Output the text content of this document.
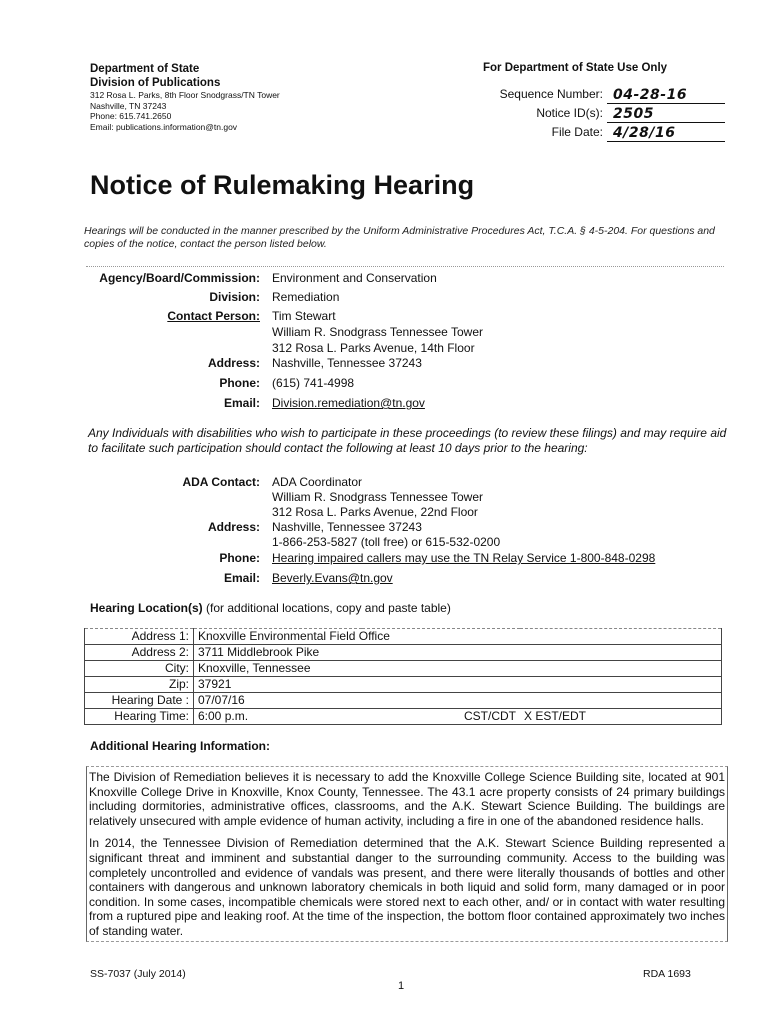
Department of State
Division of Publications
312 Rosa L. Parks, 8th Floor Snodgrass/TN Tower
Nashville, TN 37243
Phone: 615.741.2650
Email: publications.information@tn.gov
For Department of State Use Only
Sequence Number: 04-28-16
Notice ID(s): 2505
File Date: 4/28/16
Notice of Rulemaking Hearing
Hearings will be conducted in the manner prescribed by the Uniform Administrative Procedures Act, T.C.A. § 4-5-204. For questions and copies of the notice, contact the person listed below.
Agency/Board/Commission: Environment and Conservation
Division: Remediation
Contact Person: Tim Stewart
William R. Snodgrass Tennessee Tower
312 Rosa L. Parks Avenue, 14th Floor
Address: Nashville, Tennessee 37243
Phone: (615) 741-4998
Email: Division.remediation@tn.gov
Any Individuals with disabilities who wish to participate in these proceedings (to review these filings) and may require aid to facilitate such participation should contact the following at least 10 days prior to the hearing:
ADA Contact: ADA Coordinator
William R. Snodgrass Tennessee Tower
312 Rosa L. Parks Avenue, 22nd Floor
Address: Nashville, Tennessee 37243
1-866-253-5827 (toll free) or 615-532-0200
Phone: Hearing impaired callers may use the TN Relay Service 1-800-848-0298
Email: Beverly.Evans@tn.gov
Hearing Location(s) (for additional locations, copy and paste table)
Address 1:	Knoxville Environmental Field Office		
Address 2:	3711 Middlebrook Pike		
City:	Knoxville, Tennessee		
Zip:	37921		
Hearing Date :	07/07/16		
Hearing Time:	6:00 p.m.	CST/CDT	X EST/EDT
Additional Hearing Information:

The Division of Remediation believes it is necessary to add the Knoxville College Science Building site, located at 901 Knoxville College Drive in Knoxville, Knox County, Tennessee. The 43.1 acre property consists of 24 primary buildings including dormitories, administrative offices, classrooms, and the A.K. Stewart Science Building. The buildings are relatively unsecured with ample evidence of human activity, including a fire in one of the abandoned residence halls.

In 2014, the Tennessee Division of Remediation determined that the A.K. Stewart Science Building represented a significant threat and imminent and substantial danger to the surrounding community. Access to the building was completely uncontrolled and evidence of vandals was present, and there were literally thousands of bottles and other containers with dangerous and unknown laboratory chemicals in both liquid and solid form, many damaged or in poor condition. In some cases, incompatible chemicals were stored next to each other, and/ or in contact with water resulting from a ruptured pipe and leaking roof. At the time of the inspection, the bottom floor contained approximately two inches of standing water.

SS-7037 (July 2014)	RDA 1693
1
